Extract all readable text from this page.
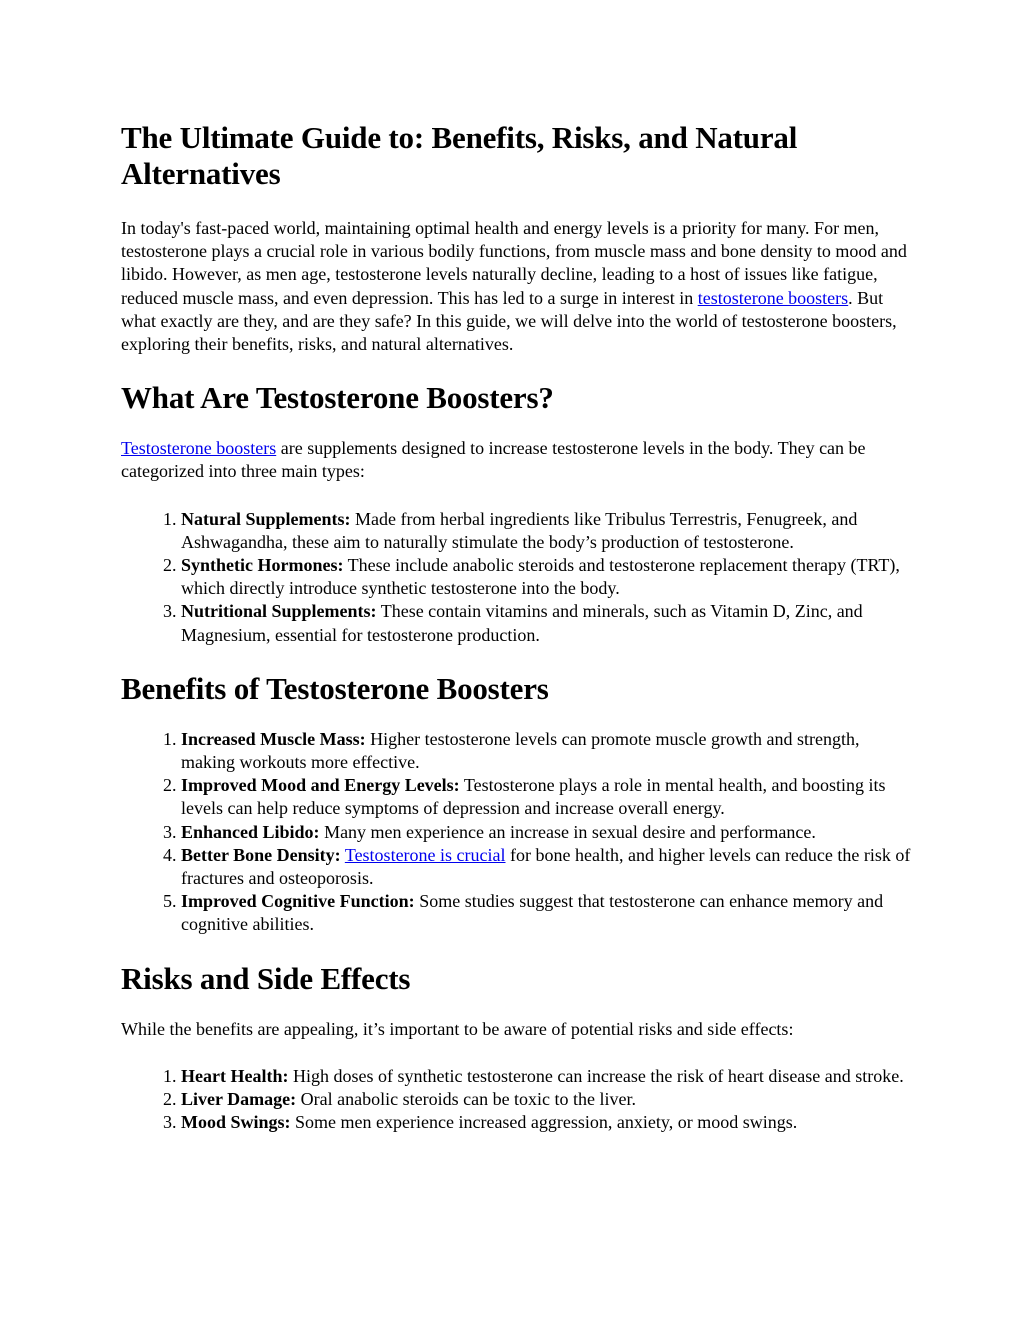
The Ultimate Guide to: Benefits, Risks, and Natural Alternatives

In today's fast-paced world, maintaining optimal health and energy levels is a priority for many. For men, testosterone plays a crucial role in various bodily functions, from muscle mass and bone density to mood and libido. However, as men age, testosterone levels naturally decline, leading to a host of issues like fatigue, reduced muscle mass, and even depression. This has led to a surge in interest in testosterone boosters. But what exactly are they, and are they safe? In this guide, we will delve into the world of testosterone boosters, exploring their benefits, risks, and natural alternatives.

What Are Testosterone Boosters?

Testosterone boosters are supplements designed to increase testosterone levels in the body. They can be categorized into three main types:

1. Natural Supplements: Made from herbal ingredients like Tribulus Terrestris, Fenugreek, and Ashwagandha, these aim to naturally stimulate the body’s production of testosterone.
2. Synthetic Hormones: These include anabolic steroids and testosterone replacement therapy (TRT), which directly introduce synthetic testosterone into the body.
3. Nutritional Supplements: These contain vitamins and minerals, such as Vitamin D, Zinc, and Magnesium, essential for testosterone production.
Benefits of Testosterone Boosters
1. Increased Muscle Mass: Higher testosterone levels can promote muscle growth and strength, making workouts more effective.
2. Improved Mood and Energy Levels: Testosterone plays a role in mental health, and boosting its levels can help reduce symptoms of depression and increase overall energy.
3. Enhanced Libido: Many men experience an increase in sexual desire and performance.
4. Better Bone Density: Testosterone is crucial for bone health, and higher levels can reduce the risk of fractures and osteoporosis.
5. Improved Cognitive Function: Some studies suggest that testosterone can enhance memory and cognitive abilities.
Risks and Side Effects

While the benefits are appealing, it’s important to be aware of potential risks and side effects:

1. Heart Health: High doses of synthetic testosterone can increase the risk of heart disease and stroke.
2. Liver Damage: Oral anabolic steroids can be toxic to the liver.
3. Mood Swings: Some men experience increased aggression, anxiety, or mood swings.
